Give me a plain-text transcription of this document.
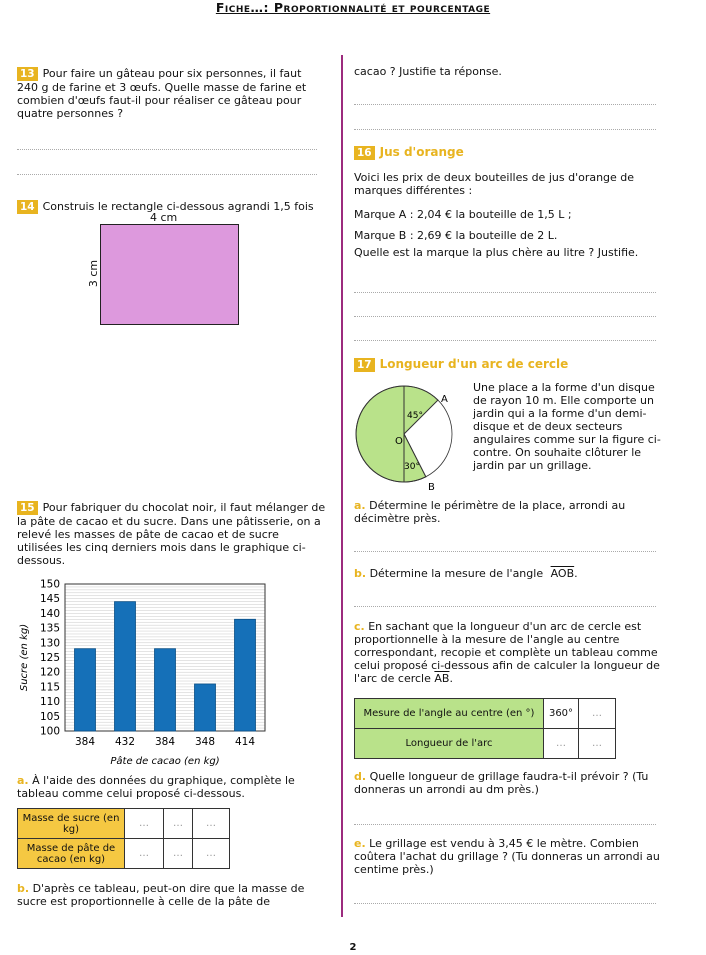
Fiche…: Proportionnalité et pourcentage
13 Pour faire un gâteau pour six personnes, il faut 240 g de farine et 3 œufs. Quelle masse de farine et combien d'œufs faut-il pour réaliser ce gâteau pour quatre personnes ?
14 Construis le rectangle ci-dessous agrandi 1,5 fois
4 cm
3 cm
15 Pour fabriquer du chocolat noir, il faut mélanger de la pâte de cacao et du sucre. Dans une pâtisserie, on a relevé les masses de pâte de cacao et de sucre utilisées les cinq derniers mois dans le graphique ci-dessous.
100
105
110
115
120
125
130
135
140
145
150
384 432 384 348 414
Pâte de cacao (en kg)
Sucre (en kg)
a. À l'aide des données du graphique, complète le tableau comme celui proposé ci-dessous.
Masse de sucre (en kg)	…	…	…
Masse de pâte de cacao (en kg)	…	…	…
b. D'après ce tableau, peut-on dire que la masse de sucre est proportionnelle à celle de la pâte de
cacao ? Justifie ta réponse.
16 Jus d'orange
Voici les prix de deux bouteilles de jus d'orange de marques différentes :
Marque A : 2,04 € la bouteille de 1,5 L ;
Marque B : 2,69 € la bouteille de 2 L.
Quelle est la marque la plus chère au litre ? Justifie.
17 Longueur d'un arc de cercle
A
B
O
45°
30°
Une place a la forme d'un disque de rayon 10 m. Elle comporte un jardin qui a la forme d'un demi-disque et de deux secteurs angulaires comme sur la figure ci-contre. On souhaite clôturer le jardin par un grillage.
a. Détermine le périmètre de la place, arrondi au décimètre près.
b. Détermine la mesure de l'angle $\overline{AOB}$.
c. En sachant que la longueur d'un arc de cercle est proportionnelle à la mesure de l'angle au centre correspondant, recopie et complète un tableau comme celui proposé ci-dessous afin de calculer la longueur de l'arc de cercle $\overline{AB}$.
Mesure de l'angle au centre (en °)	360°	…
Longueur de l'arc	…	…
d. Quelle longueur de grillage faudra-t-il prévoir ? (Tu donneras un arrondi au dm près.)
e. Le grillage est vendu à 3,45 € le mètre. Combien coûtera l'achat du grillage ? (Tu donneras un arrondi au centime près.)
2
